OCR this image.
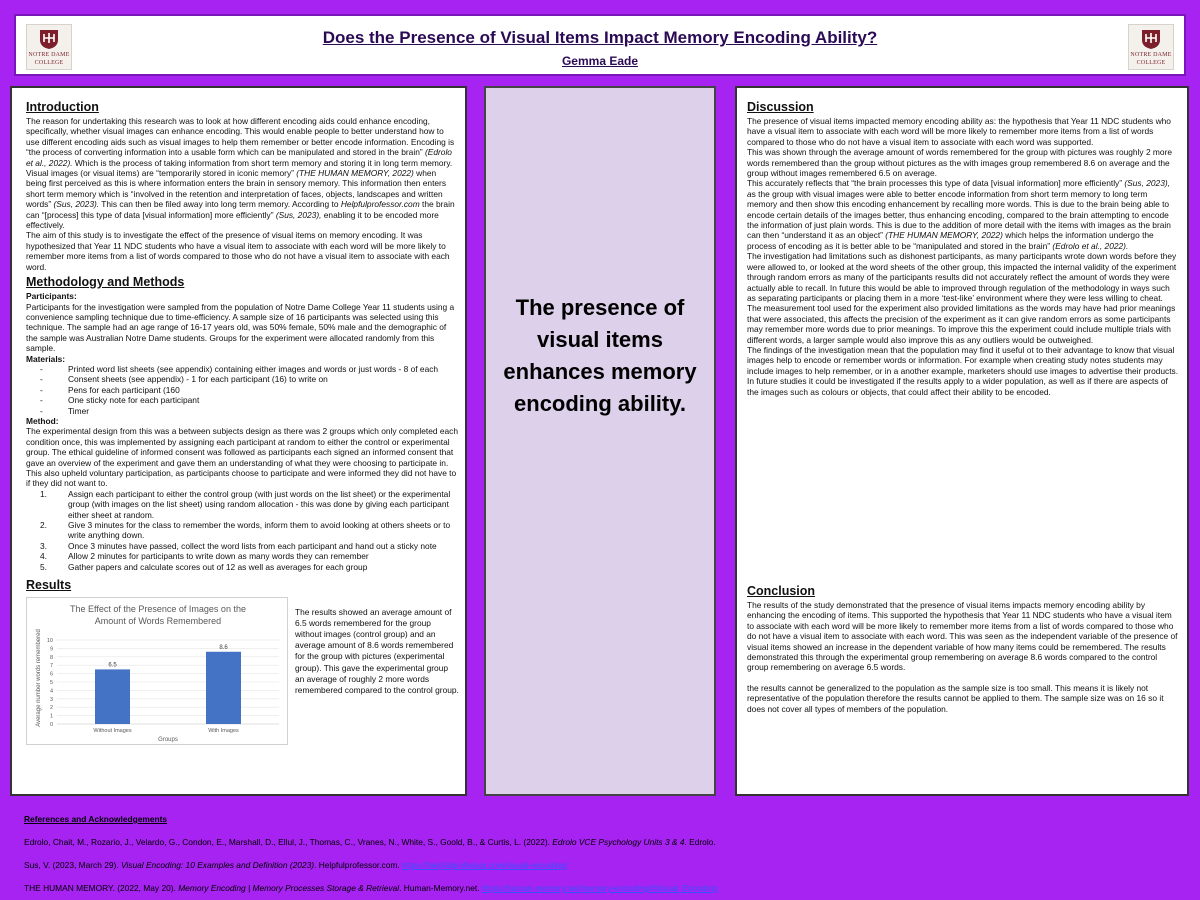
NOTRE DAME
COLLEGE
Does the Presence of Visual Items Impact Memory Encoding Ability?
Gemma Eade	NOTRE DAME
COLLEGE
Introduction

The reason for undertaking this research was to look at how different encoding aids could enhance encoding, specifically, whether visual images can enhance encoding. This would enable people to better understand how to use different encoding aids such as visual images to help them remember or better encode information. Encoding is “the process of converting information into a usable form which can be manipulated and stored in the brain” (Edrolo et al., 2022). Which is the process of taking information from short term memory and storing it in long term memory. Visual images (or visual items) are “temporarily stored in iconic memory” (THE HUMAN MEMORY, 2022) when being first perceived as this is where information enters the brain in sensory memory. This information then enters short term memory which is “involved in the retention and interpretation of faces, objects, landscapes and written words” (Sus, 2023). This can then be filed away into long term memory. According to Helpfulprofessor.com the brain can “[process] this type of data [visual information] more efficiently” (Sus, 2023), enabling it to be encoded more effectively.

The aim of this study is to investigate the effect of the presence of visual items on memory encoding. It was hypothesized that Year 11 NDC students who have a visual item to associate with each word will be more likely to remember more items from a list of words compared to those who do not have a visual item to associate with each word.

Methodology and Methods
Participants:

Participants for the investigation were sampled from the population of Notre Dame College Year 11 students using a convenience sampling technique due to time-efficiency. A sample size of 16 participants was selected using this technique. The sample had an age range of 16-17 years old, was 50% female, 50% male and the demographic of the sample was Australian Notre Dame students. Groups for the experiment were allocated randomly from this sample.

Materials:
- Printed word list sheets (see appendix) containing either images and words or just words - 8 of each
- Consent sheets (see appendix) - 1 for each participant (16) to write on
- Pens for each participant (160
- One sticky note for each participant
- Timer
Method:

The experimental design from this was a between subjects design as there was 2 groups which only completed each condition once, this was implemented by assigning each participant at random to either the control or experimental group. The ethical guideline of informed consent was followed as participants each signed an informed consent that gave an overview of the experiment and gave them an understanding of what they were choosing to participate in. This also upheld voluntary participation, as participants choose to participate and were informed they did not have to if they did not want to.

1.	Assign each participant to either the control group (with just words on the list sheet) or the experimental group (with images on the list sheet) using random allocation - this was done by giving each participant either sheet at random.
2.	Give 3 minutes for the class to remember the words, inform them to avoid looking at others sheets or to write anything down.
3.	Once 3 minutes have passed, collect the word lists from each participant and hand out a sticky note
4.	Allow 2 minutes for participants to write down as many words they can remember
5.	Gather papers and calculate scores out of 12 as well as averages for each group
Results
The Effect of the Presence of Images on the
Amount of Words Remembered
Average number words remembered
Groups
0
1
2
3
4
5
6
7
8
9
10
6.5
Without Images
8.6
With Images
The results showed an average amount of 6.5 words remembered for the group without images (control group) and an average amount of 8.6 words remembered for the group with pictures (experimental group). This gave the experimental group an average of roughly 2 more words remembered compared to the control group.
The presence of visual items enhances memory encoding ability.
Discussion

The presence of visual items impacted memory encoding ability as: the hypothesis that Year 11 NDC students who have a visual item to associate with each word will be more likely to remember more items from a list of words compared to those who do not have a visual item to associate with each word was supported.

This was shown through the average amount of words remembered for the group with pictures was roughly 2 more words remembered than the group without pictures as the with images group remembered 8.6 on average and the group without images remembered 6.5 on average.

This accurately reflects that “the brain processes this type of data [visual information] more efficiently” (Sus, 2023), as the group with visual images were able to better encode information from short term memory to long term memory and then show this encoding enhancement by recalling more words. This is due to the brain being able to encode certain details of the images better, thus enhancing encoding, compared to the brain attempting to encode the information of just plain words. This is due to the addition of more detail with the items with images as the brain can then “understand it as an object” (THE HUMAN MEMORY, 2022) which helps the information undergo the process of encoding as it is better able to be “manipulated and stored in the brain” (Edrolo et al., 2022).

The investigation had limitations such as dishonest participants, as many participants wrote down words before they were allowed to, or looked at the word sheets of the other group, this impacted the internal validity of the experiment through random errors as many of the participants results did not accurately reflect the amount of words they were actually able to recall. In future this would be able to improved through regulation of the methodology in ways such as separating participants or placing them in a more ‘test-like’ environment where they were less willing to cheat.

The measurement tool used for the experiment also provided limitations as the words may have had prior meanings that were associated, this affects the precision of the experiment as it can give random errors as some participants may remember more words due to prior meanings. To improve this the experiment could include multiple trials with different words, a larger sample would also improve this as any outliers would be outweighed.

The findings of the investigation mean that the population may find it useful ot to their advantage to know that visual images help to encode or remember words or information. For example when creating study notes students may include images to help remember, or in a another example, marketers should use images to advertise their products.

In future studies it could be investigated if the results apply to a wider population, as well as if there are aspects of the images such as colours or objects, that could affect their ability to be encoded.

Conclusion

The results of the study demonstrated that the presence of visual items impacts memory encoding ability by enhancing the encoding of items. This supported the hypothesis that Year 11 NDC students who have a visual item to associate with each word will be more likely to remember more items from a list of words compared to those who do not have a visual item to associate with each word. This was seen as the independent variable of the presence of visual items showed an increase in the dependent variable of how many items could be remembered. The results demonstrated this through the experimental group remembering on average 8.6 words compared to the control group remembering on average 6.5 words.

the results cannot be generalized to the population as the sample size is too small. This means it is likely not representative of the population therefore the results cannot be applied to them. The sample size was on 16 so it does not cover all types of members of the population.

References and Acknowledgements

Edrolo, Chait, M., Rozario, J., Velardo, G., Condon, E., Marshall, D., Ellul, J., Thomas, C., Vranes, N., White, S., Goold, B., & Curtis, L. (2022). Edrolo VCE Psychology Units 3 & 4. Edrolo.

Sus, V. (2023, March 29). Visual Encoding: 10 Examples and Definition (2023). Helpfulprofessor.com. https://helpfulprofessor.com/visual-encoding/

THE HUMAN MEMORY. (2022, May 20). Memory Encoding | Memory Processes Storage & Retrieval. Human-Memory.net. https://human-memory.net/memory-encoding/#Visual_Encoding
